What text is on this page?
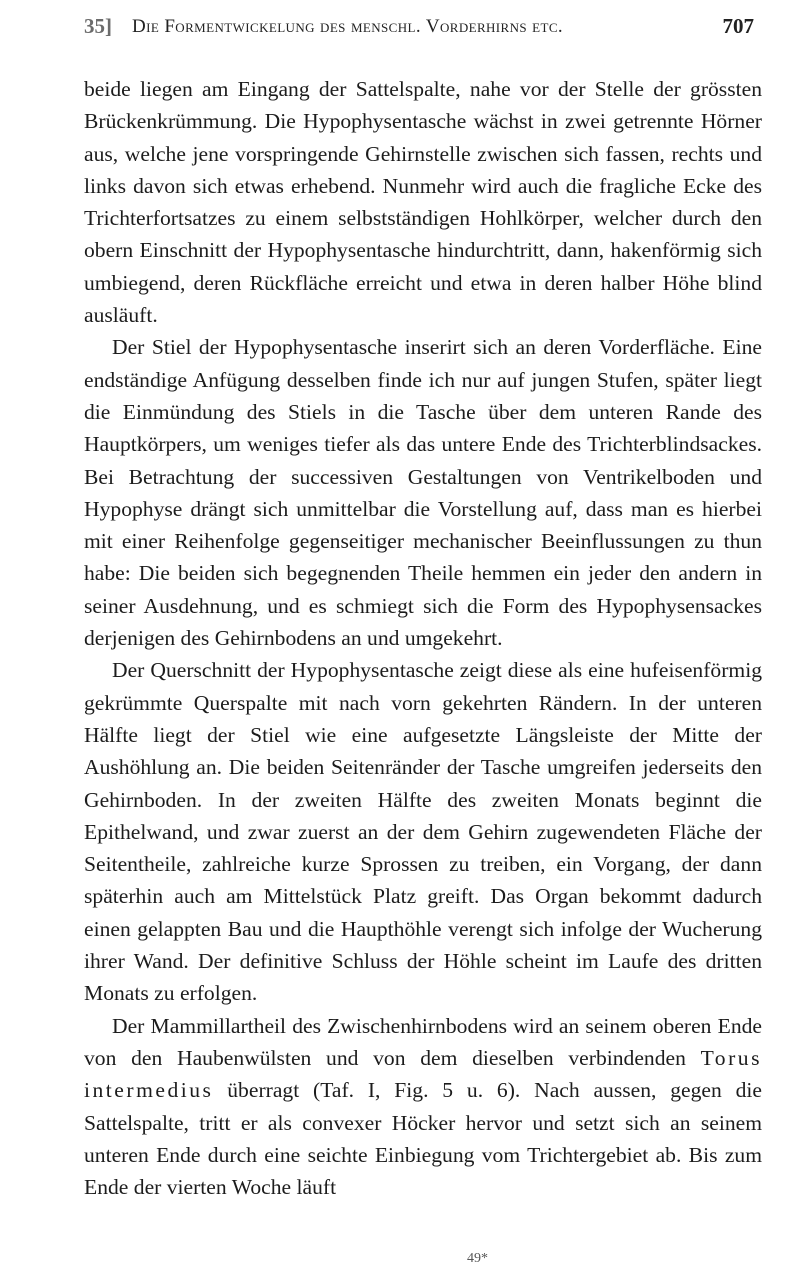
35] Die Formentwickelung des menschl. Vorderhirns etc.	707

beide liegen am Eingang der Sattelspalte, nahe vor der Stelle der grössten Brückenkrümmung. Die Hypophysentasche wächst in zwei getrennte Hörner aus, welche jene vorspringende Gehirnstelle zwischen sich fassen, rechts und links davon sich etwas erhebend. Nunmehr wird auch die fragliche Ecke des Trichterfortsatzes zu einem selbstständigen Hohlkörper, welcher durch den obern Einschnitt der Hypophysentasche hindurchtritt, dann, hakenförmig sich umbiegend, deren Rückfläche erreicht und etwa in deren halber Höhe blind ausläuft.

Der Stiel der Hypophysentasche inserirt sich an deren Vorderfläche. Eine endständige Anfügung desselben finde ich nur auf jungen Stufen, später liegt die Einmündung des Stiels in die Tasche über dem unteren Rande des Hauptkörpers, um weniges tiefer als das untere Ende des Trichterblindsackes. Bei Betrachtung der successiven Gestaltungen von Ventrikelboden und Hypophyse drängt sich unmittelbar die Vorstellung auf, dass man es hierbei mit einer Reihenfolge gegenseitiger mechanischer Beeinflussungen zu thun habe: Die beiden sich begegnenden Theile hemmen ein jeder den andern in seiner Ausdehnung, und es schmiegt sich die Form des Hypophysensackes derjenigen des Gehirnbodens an und umgekehrt.

Der Querschnitt der Hypophysentasche zeigt diese als eine hufeisenförmig gekrümmte Querspalte mit nach vorn gekehrten Rändern. In der unteren Hälfte liegt der Stiel wie eine aufgesetzte Längsleiste der Mitte der Aushöhlung an. Die beiden Seitenränder der Tasche umgreifen jederseits den Gehirnboden. In der zweiten Hälfte des zweiten Monats beginnt die Epithelwand, und zwar zuerst an der dem Gehirn zugewendeten Fläche der Seitentheile, zahlreiche kurze Sprossen zu treiben, ein Vorgang, der dann späterhin auch am Mittelstück Platz greift. Das Organ bekommt dadurch einen gelappten Bau und die Haupthöhle verengt sich infolge der Wucherung ihrer Wand. Der definitive Schluss der Höhle scheint im Laufe des dritten Monats zu erfolgen.

Der Mammillartheil des Zwischenhirnbodens wird an seinem oberen Ende von den Haubenwülsten und von dem dieselben verbindenden Torus intermedius überragt (Taf. I, Fig. 5 u. 6). Nach aussen, gegen die Sattelspalte, tritt er als convexer Höcker hervor und setzt sich an seinem unteren Ende durch eine seichte Einbiegung vom Trichtergebiet ab. Bis zum Ende der vierten Woche läuft

49*
